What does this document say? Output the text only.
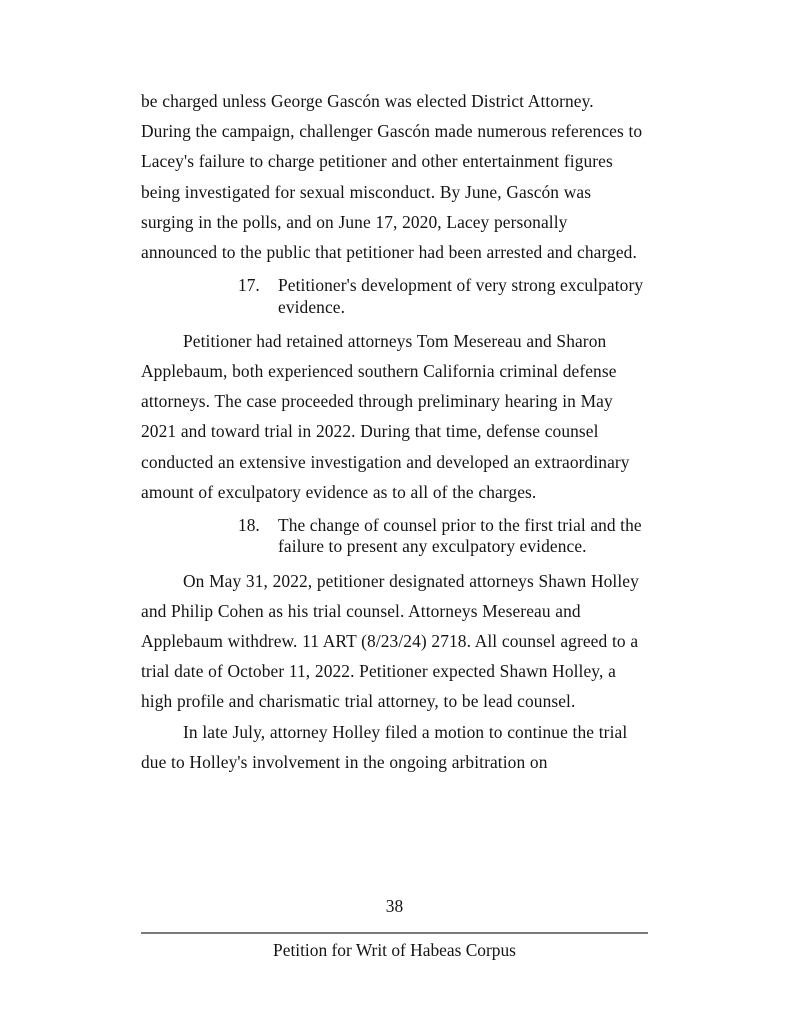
be charged unless George Gascón was elected District Attorney. During the campaign, challenger Gascón made numerous references to Lacey's failure to charge petitioner and other entertainment figures being investigated for sexual misconduct. By June, Gascón was surging in the polls, and on June 17, 2020, Lacey personally announced to the public that petitioner had been arrested and charged.

17.	Petitioner's development of very strong exculpatory evidence.

Petitioner had retained attorneys Tom Mesereau and Sharon Applebaum, both experienced southern California criminal defense attorneys. The case proceeded through preliminary hearing in May 2021 and toward trial in 2022. During that time, defense counsel conducted an extensive investigation and developed an extraordinary amount of exculpatory evidence as to all of the charges.

18.	The change of counsel prior to the first trial and the failure to present any exculpatory evidence.

On May 31, 2022, petitioner designated attorneys Shawn Holley and Philip Cohen as his trial counsel. Attorneys Mesereau and Applebaum withdrew. 11 ART (8/23/24) 2718. All counsel agreed to a trial date of October 11, 2022. Petitioner expected Shawn Holley, a high profile and charismatic trial attorney, to be lead counsel.

In late July, attorney Holley filed a motion to continue the trial due to Holley's involvement in the ongoing arbitration on

38
Petition for Writ of Habeas Corpus
